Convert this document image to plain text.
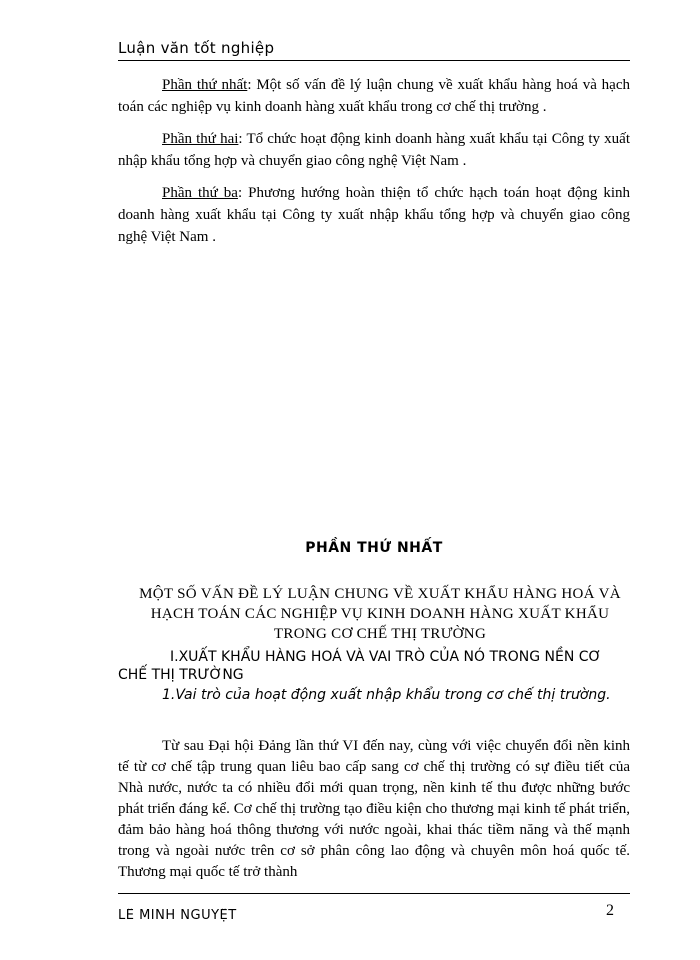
Luận văn tốt nghiệp

Phần thứ nhất: Một số vấn đề lý luận chung về xuất khẩu hàng hoá và hạch toán các nghiệp vụ kinh doanh hàng xuất khẩu trong cơ chế thị trường .

Phần thứ hai: Tổ chức hoạt động kinh doanh hàng xuất khẩu tại Công ty xuất nhập khẩu tổng hợp và chuyển giao công nghệ Việt Nam .

Phần thứ ba: Phương hướng hoàn thiện tổ chức hạch toán hoạt động kinh doanh hàng xuất khẩu tại Công ty xuất nhập khẩu tổng hợp và chuyển giao công nghệ Việt Nam .

PHẦN THỨ NHẤT
MỘT SỐ VẤN ĐỀ LÝ LUẬN CHUNG VỀ XUẤT KHẨU HÀNG HOÁ VÀ HẠCH TOÁN CÁC NGHIỆP VỤ KINH DOANH HÀNG XUẤT KHẨU TRONG CƠ CHẾ THỊ TRƯỜNG
I.XUẤT KHẨU HÀNG HOÁ VÀ VAI TRÒ CỦA NÓ TRONG NỀN CƠ CHẾ THỊ TRƯỜNG
1.Vai trò của hoạt động xuất nhập khẩu trong cơ chế thị trường.

Từ sau Đại hội Đảng lần thứ VI đến nay, cùng với việc chuyển đổi nền kinh tế từ cơ chế tập trung quan liêu bao cấp sang cơ chế thị trường có sự điều tiết của Nhà nước, nước ta có nhiều đổi mới quan trọng, nền kinh tế thu được những bước phát triển đáng kể. Cơ chế thị trường tạo điều kiện cho thương mại kinh tế phát triển, đảm bảo hàng hoá thông thương với nước ngoài, khai thác tiềm năng và thế mạnh trong và ngoài nước trên cơ sở phân công lao động và chuyên môn hoá quốc tế. Thương mại quốc tế trở thành

LÊ MINH NGUYỆT	2
